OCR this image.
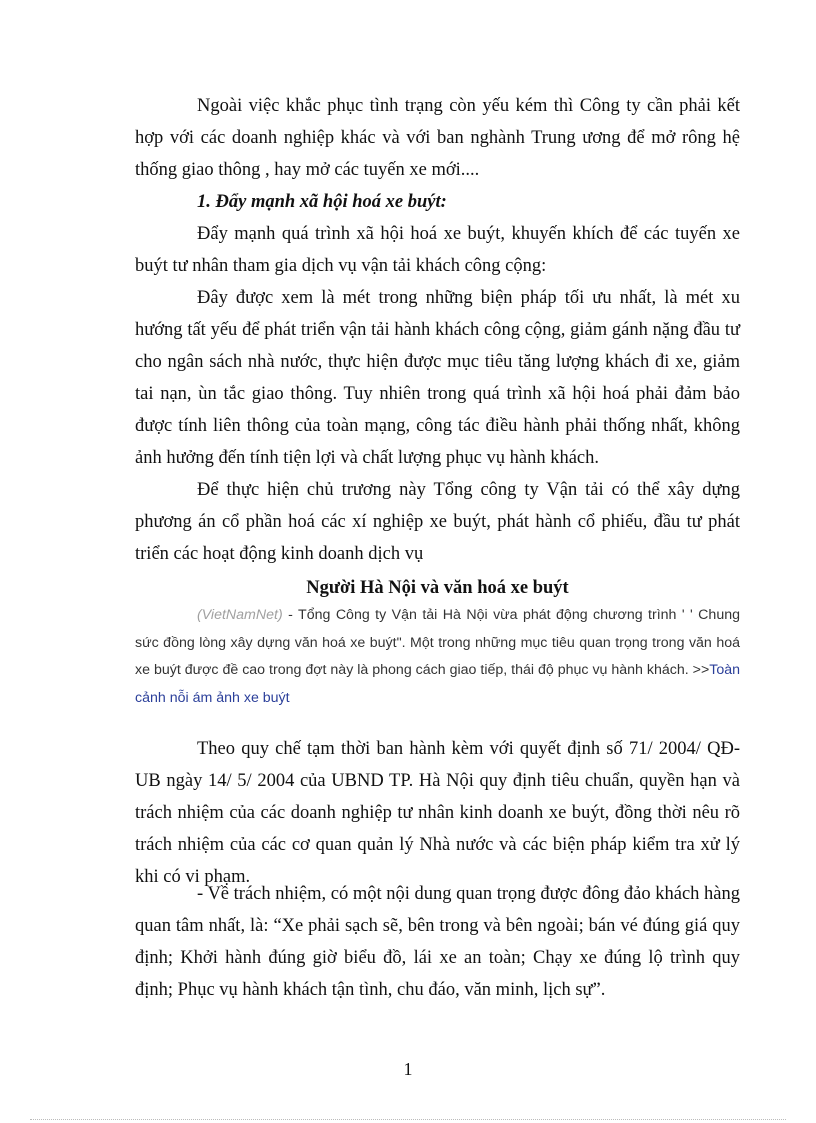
Ngoài việc khắc phục tình trạng còn yếu kém thì Công ty cần phải kết hợp với các doanh nghiệp khác và với ban nghành Trung ương để mở rông hệ thống giao thông , hay mở các tuyến xe mới....

1. Đẩy mạnh xã hội hoá xe buýt:

Đẩy mạnh quá trình xã hội hoá xe buýt, khuyến khích để các tuyến xe buýt tư nhân tham gia dịch vụ vận tải khách công cộng:

Đây được xem là mét trong những biện pháp tối ưu nhất, là mét xu hướng tất yếu để phát triển vận tải hành khách công cộng, giảm gánh nặng đầu tư cho ngân sách nhà nước, thực hiện được mục tiêu tăng lượng khách đi xe, giảm tai nạn, ùn tắc giao thông. Tuy nhiên trong quá trình xã hội hoá phải đảm bảo được tính liên thông của toàn mạng, công tác điều hành phải thống nhất, không ảnh hưởng đến tính tiện lợi và chất lượng phục vụ hành khách.

Để thực hiện chủ trương này Tổng công ty Vận tải có thể xây dựng phương án cổ phần hoá các xí nghiệp xe buýt, phát hành cổ phiếu, đầu tư phát triển các hoạt động kinh doanh dịch vụ

Người Hà Nội và văn hoá xe buýt

(VietNamNet) - Tổng Công ty Vận tải Hà Nội vừa phát động chương trình ' ' Chung sức đồng lòng xây dựng văn hoá xe buýt". Một trong những mục tiêu quan trọng trong văn hoá xe buýt được đề cao trong đợt này là phong cách giao tiếp, thái độ phục vụ hành khách. >>Toàn cảnh nỗi ám ảnh xe buýt

Theo quy chế tạm thời ban hành kèm với quyết định số 71/ 2004/ QĐ-UB ngày 14/ 5/ 2004 của UBND TP. Hà Nội quy định tiêu chuẩn, quyền hạn và trách nhiệm của các doanh nghiệp tư nhân kinh doanh xe buýt, đồng thời nêu rõ trách nhiệm của các cơ quan quản lý Nhà nước và các biện pháp kiểm tra xử lý khi có vi phạm.

- Về trách nhiệm, có một nội dung quan trọng được đông đảo khách hàng quan tâm nhất, là: “Xe phải sạch sẽ, bên trong và bên ngoài; bán vé đúng giá quy định; Khởi hành đúng giờ biểu đồ, lái xe an toàn; Chạy xe đúng lộ trình quy định; Phục vụ hành khách tận tình, chu đáo, văn minh, lịch sự”.

1
